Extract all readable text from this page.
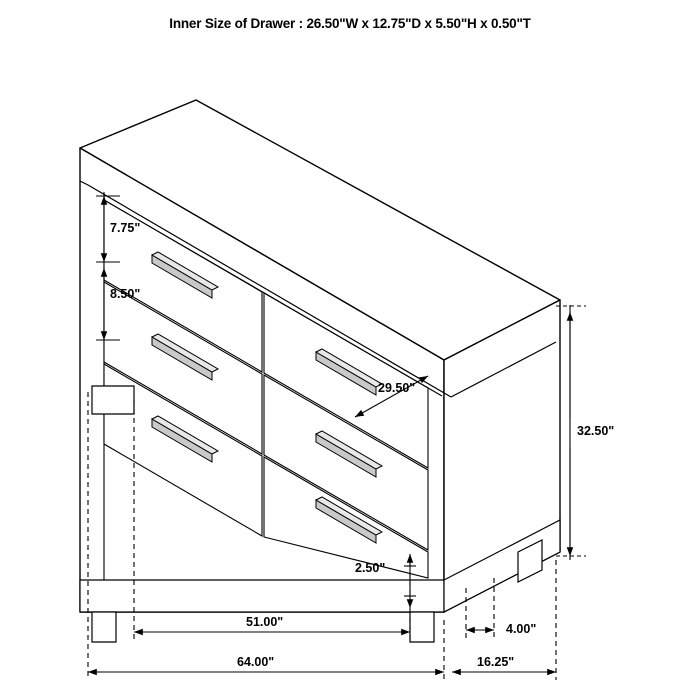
Inner Size of Drawer : 26.50"W x 12.75"D x 5.50"H x 0.50"T
7.75"
8.50"
29.50"
32.50"
2.50"
51.00"	4.00"
64.00"	16.25"
